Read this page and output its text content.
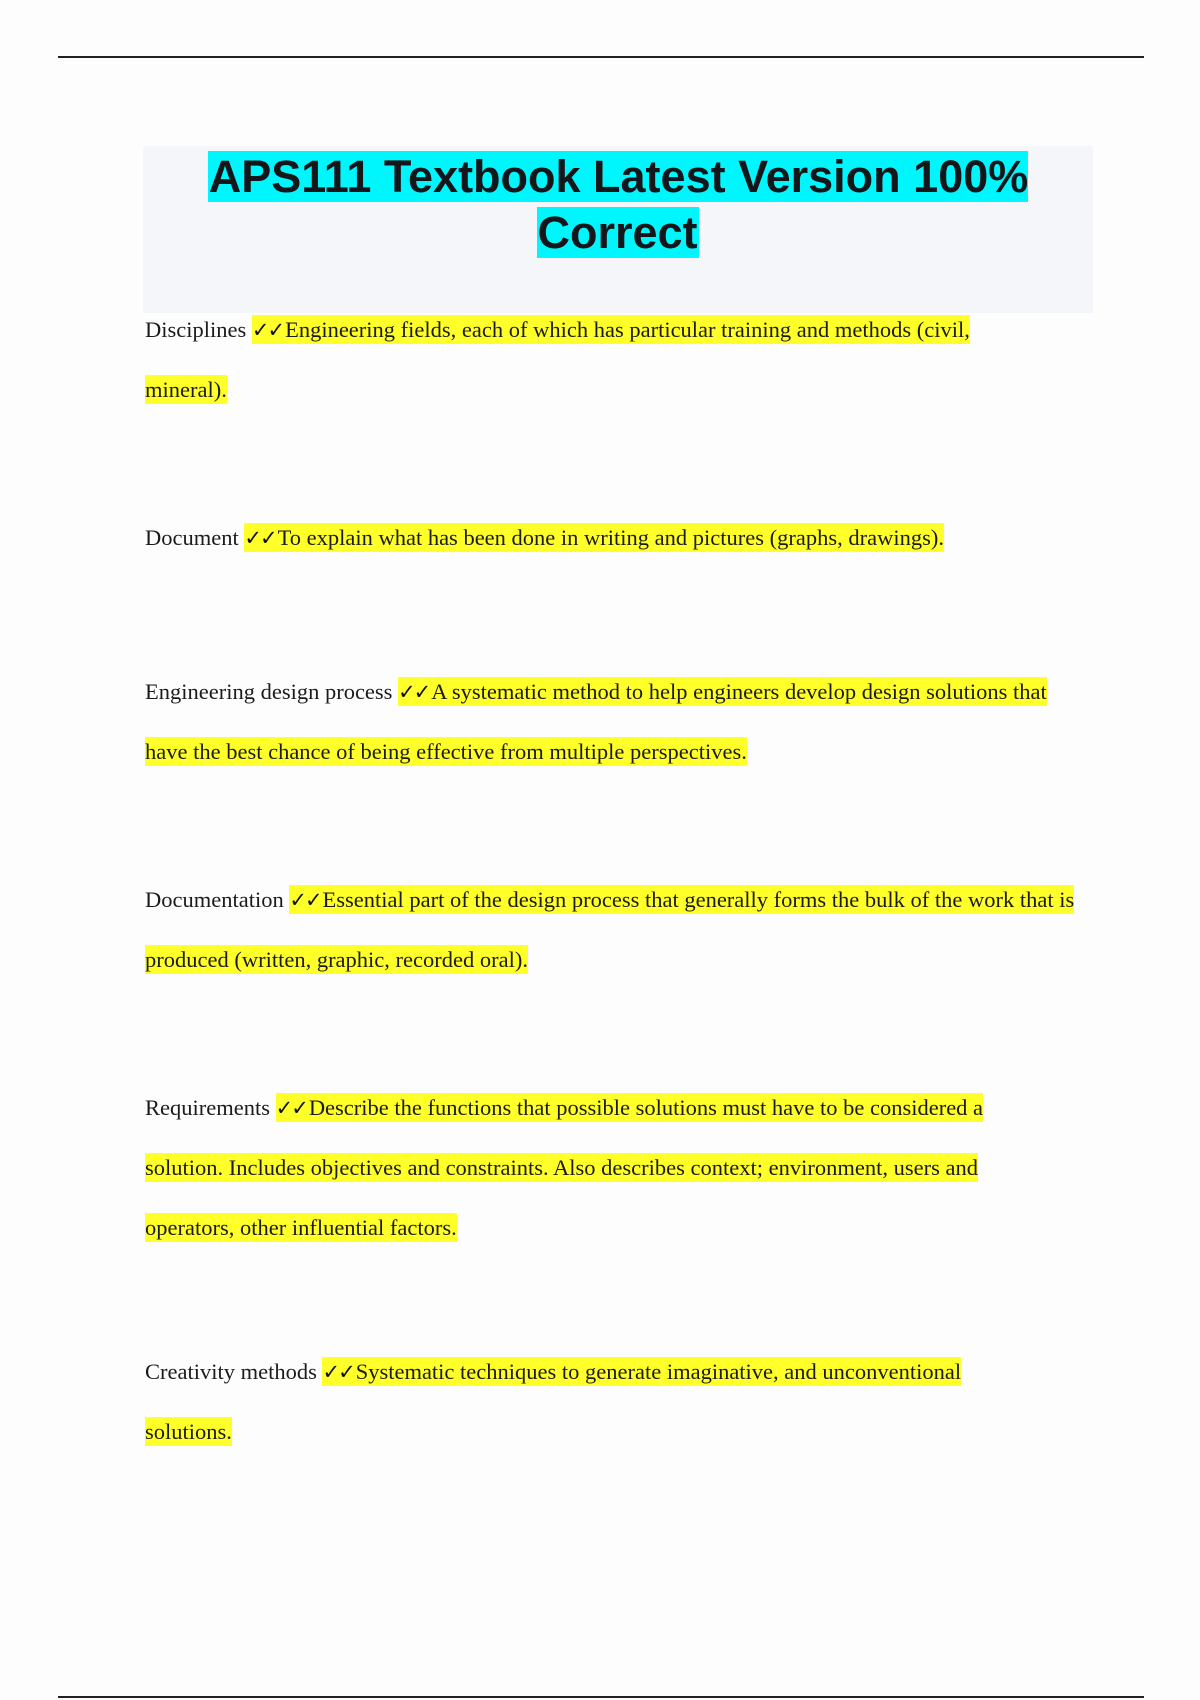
APS111 Textbook Latest Version 100% Correct
Disciplines ✓✓Engineering fields, each of which has particular training and methods (civil, mineral).
Document ✓✓To explain what has been done in writing and pictures (graphs, drawings).
Engineering design process ✓✓A systematic method to help engineers develop design solutions that have the best chance of being effective from multiple perspectives.
Documentation ✓✓Essential part of the design process that generally forms the bulk of the work that is produced (written, graphic, recorded oral).
Requirements ✓✓Describe the functions that possible solutions must have to be considered a solution. Includes objectives and constraints. Also describes context; environment, users and operators, other influential factors.
Creativity methods ✓✓Systematic techniques to generate imaginative, and unconventional solutions.
